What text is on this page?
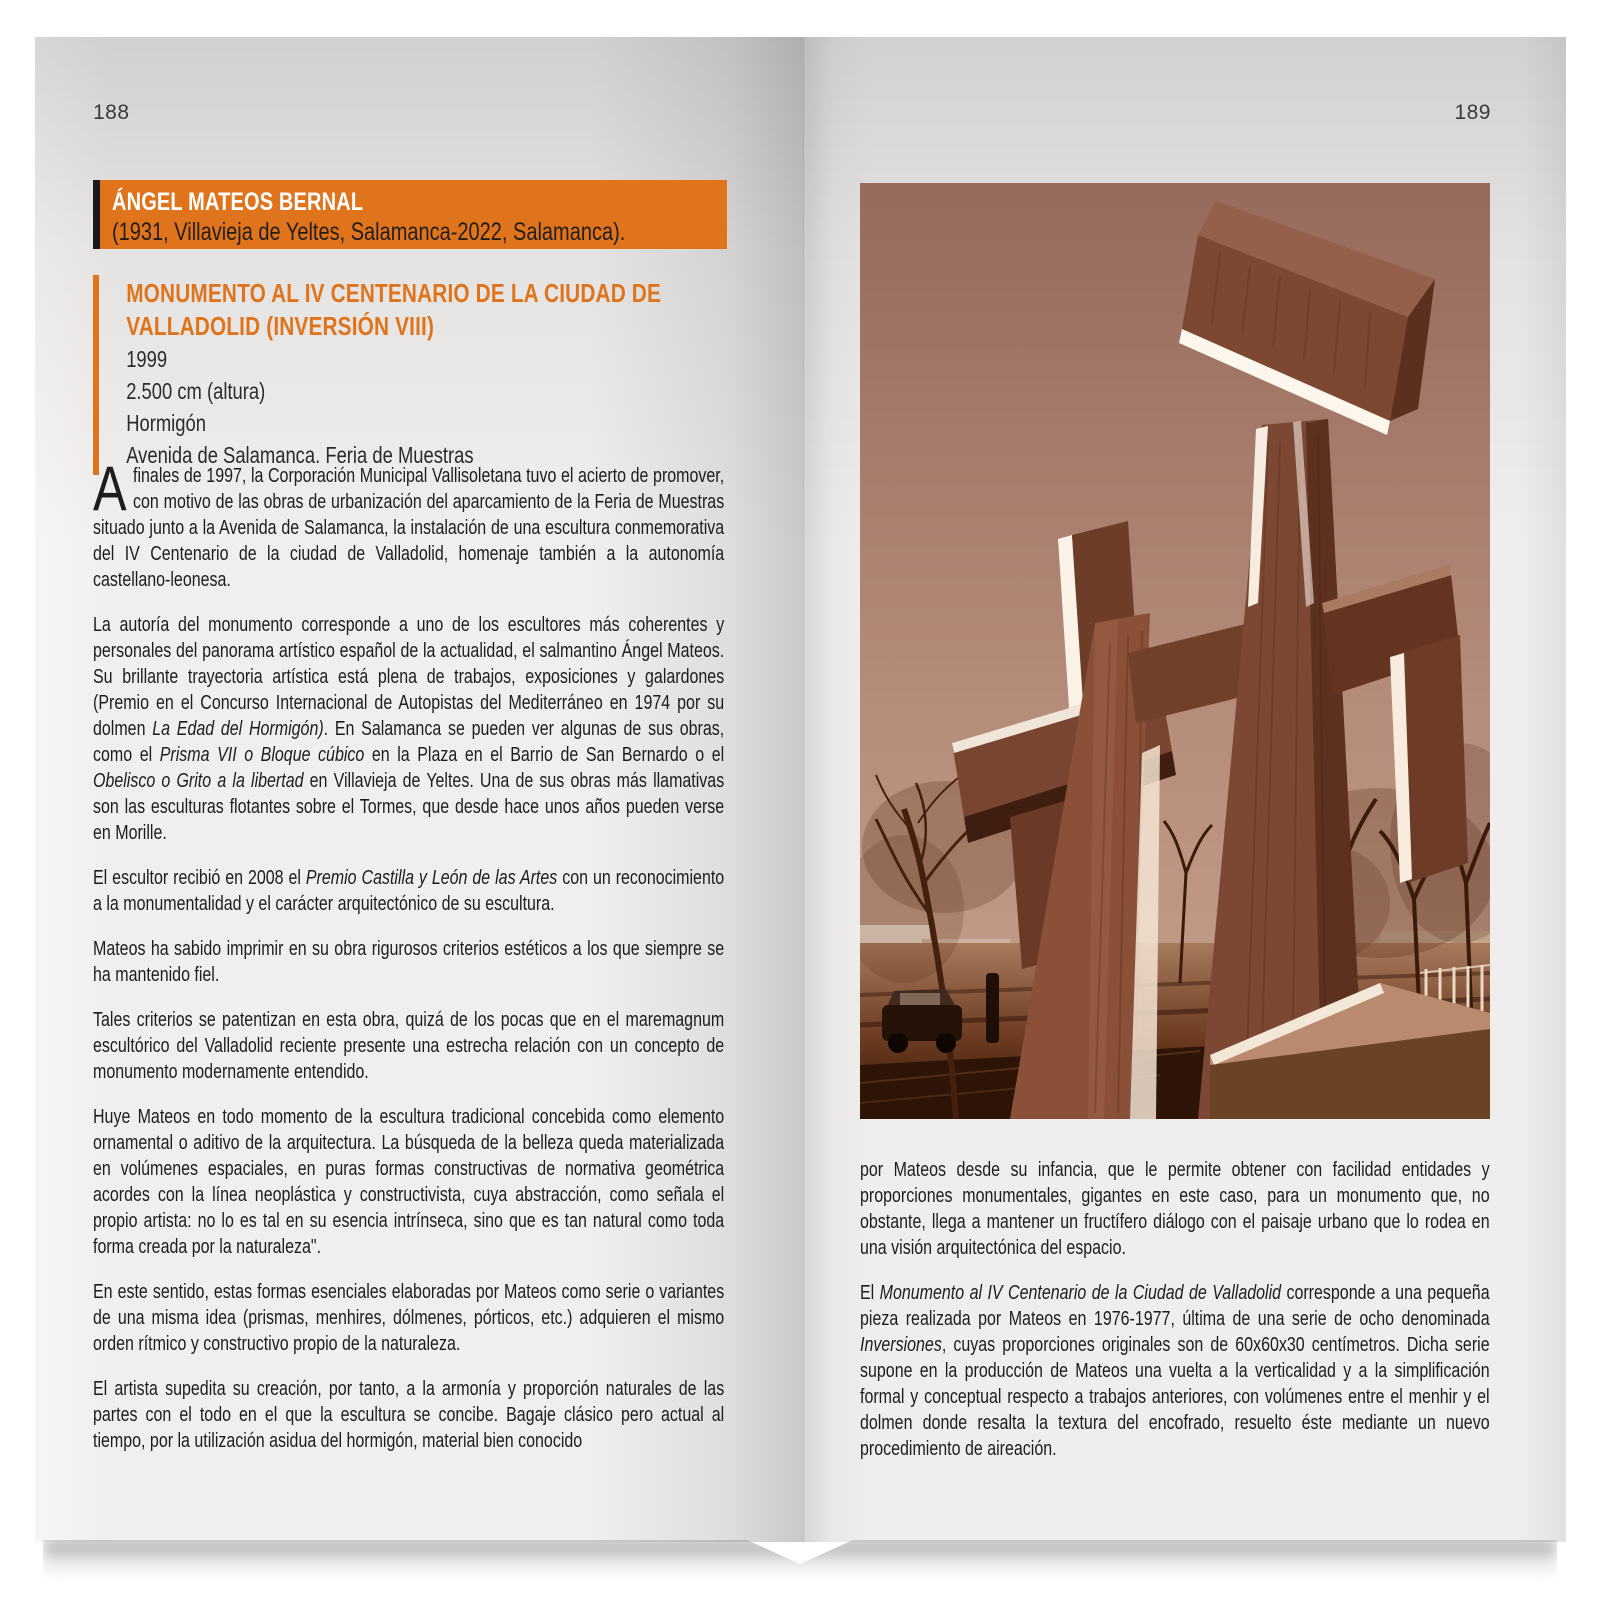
188
ÁNGEL MATEOS BERNAL
(1931, Villavieja de Yeltes, Salamanca-2022, Salamanca).
MONUMENTO AL IV CENTENARIO DE LA CIUDAD DE
VALLADOLID (INVERSIÓN VIII)
1999
2.500 cm (altura)
Hormigón
Avenida de Salamanca. Feria de Muestras

Afinales de 1997, la Corporación Municipal Vallisoletana tuvo el acierto de promover, con motivo de las obras de urbanización del aparcamiento de la Feria de Muestras situado junto a la Avenida de Salamanca, la instalación de una escultura conmemorativa del IV Centenario de la ciudad de Valladolid, homenaje también a la autonomía castellano-leonesa.

La autoría del monumento corresponde a uno de los escultores más coherentes y personales del panorama artístico español de la actualidad, el salmantino Ángel Mateos. Su brillante trayectoria artística está plena de trabajos, exposiciones y galardones (Premio en el Concurso Internacional de Autopistas del Mediterráneo en 1974 por su dolmen La Edad del Hormigón). En Salamanca se pueden ver algunas de sus obras, como el Prisma VII o Bloque cúbico en la Plaza en el Barrio de San Bernardo o el Obelisco o Grito a la libertad en Villavieja de Yeltes. Una de sus obras más llamativas son las esculturas flotantes sobre el Tormes, que desde hace unos años pueden verse en Morille.

El escultor recibió en 2008 el Premio Castilla y León de las Artes con un reconocimiento a la monumentalidad y el carácter arquitectónico de su escultura.

Mateos ha sabido imprimir en su obra rigurosos criterios estéticos a los que siempre se ha mantenido fiel.

Tales criterios se patentizan en esta obra, quizá de los pocas que en el maremagnum escultórico del Valladolid reciente presente una estrecha relación con un concepto de monumento modernamente entendido.

Huye Mateos en todo momento de la escultura tradicional concebida como elemento ornamental o aditivo de la arquitectura. La búsqueda de la belleza queda materializada en volúmenes espaciales, en puras formas constructivas de normativa geométrica acordes con la línea neoplástica y constructivista, cuya abstracción, como señala el propio artista: no lo es tal en su esencia intrínseca, sino que es tan natural como toda forma creada por la naturaleza".

En este sentido, estas formas esenciales elaboradas por Mateos como serie o variantes de una misma idea (prismas, menhires, dólmenes, pórticos, etc.) adquieren el mismo orden rítmico y constructivo propio de la naturaleza.

El artista supedita su creación, por tanto, a la armonía y proporción naturales de las partes con el todo en el que la escultura se concibe. Bagaje clásico pero actual al tiempo, por la utilización asidua del hormigón, material bien conocido

189

por Mateos desde su infancia, que le permite obtener con facilidad entidades y proporciones monumentales, gigantes en este caso, para un monumento que, no obstante, llega a mantener un fructífero diálogo con el paisaje urbano que lo rodea en una visión arquitectónica del espacio.

El Monumento al IV Centenario de la Ciudad de Valladolid corresponde a una pequeña pieza realizada por Mateos en 1976-1977, última de una serie de ocho denominada Inversiones, cuyas proporciones originales son de 60x60x30 centímetros. Dicha serie supone en la producción de Mateos una vuelta a la verticalidad y a la simplificación formal y conceptual respecto a trabajos anteriores, con volúmenes entre el menhir y el dolmen donde resalta la textura del encofrado, resuelto éste mediante un nuevo procedimiento de aireación.
